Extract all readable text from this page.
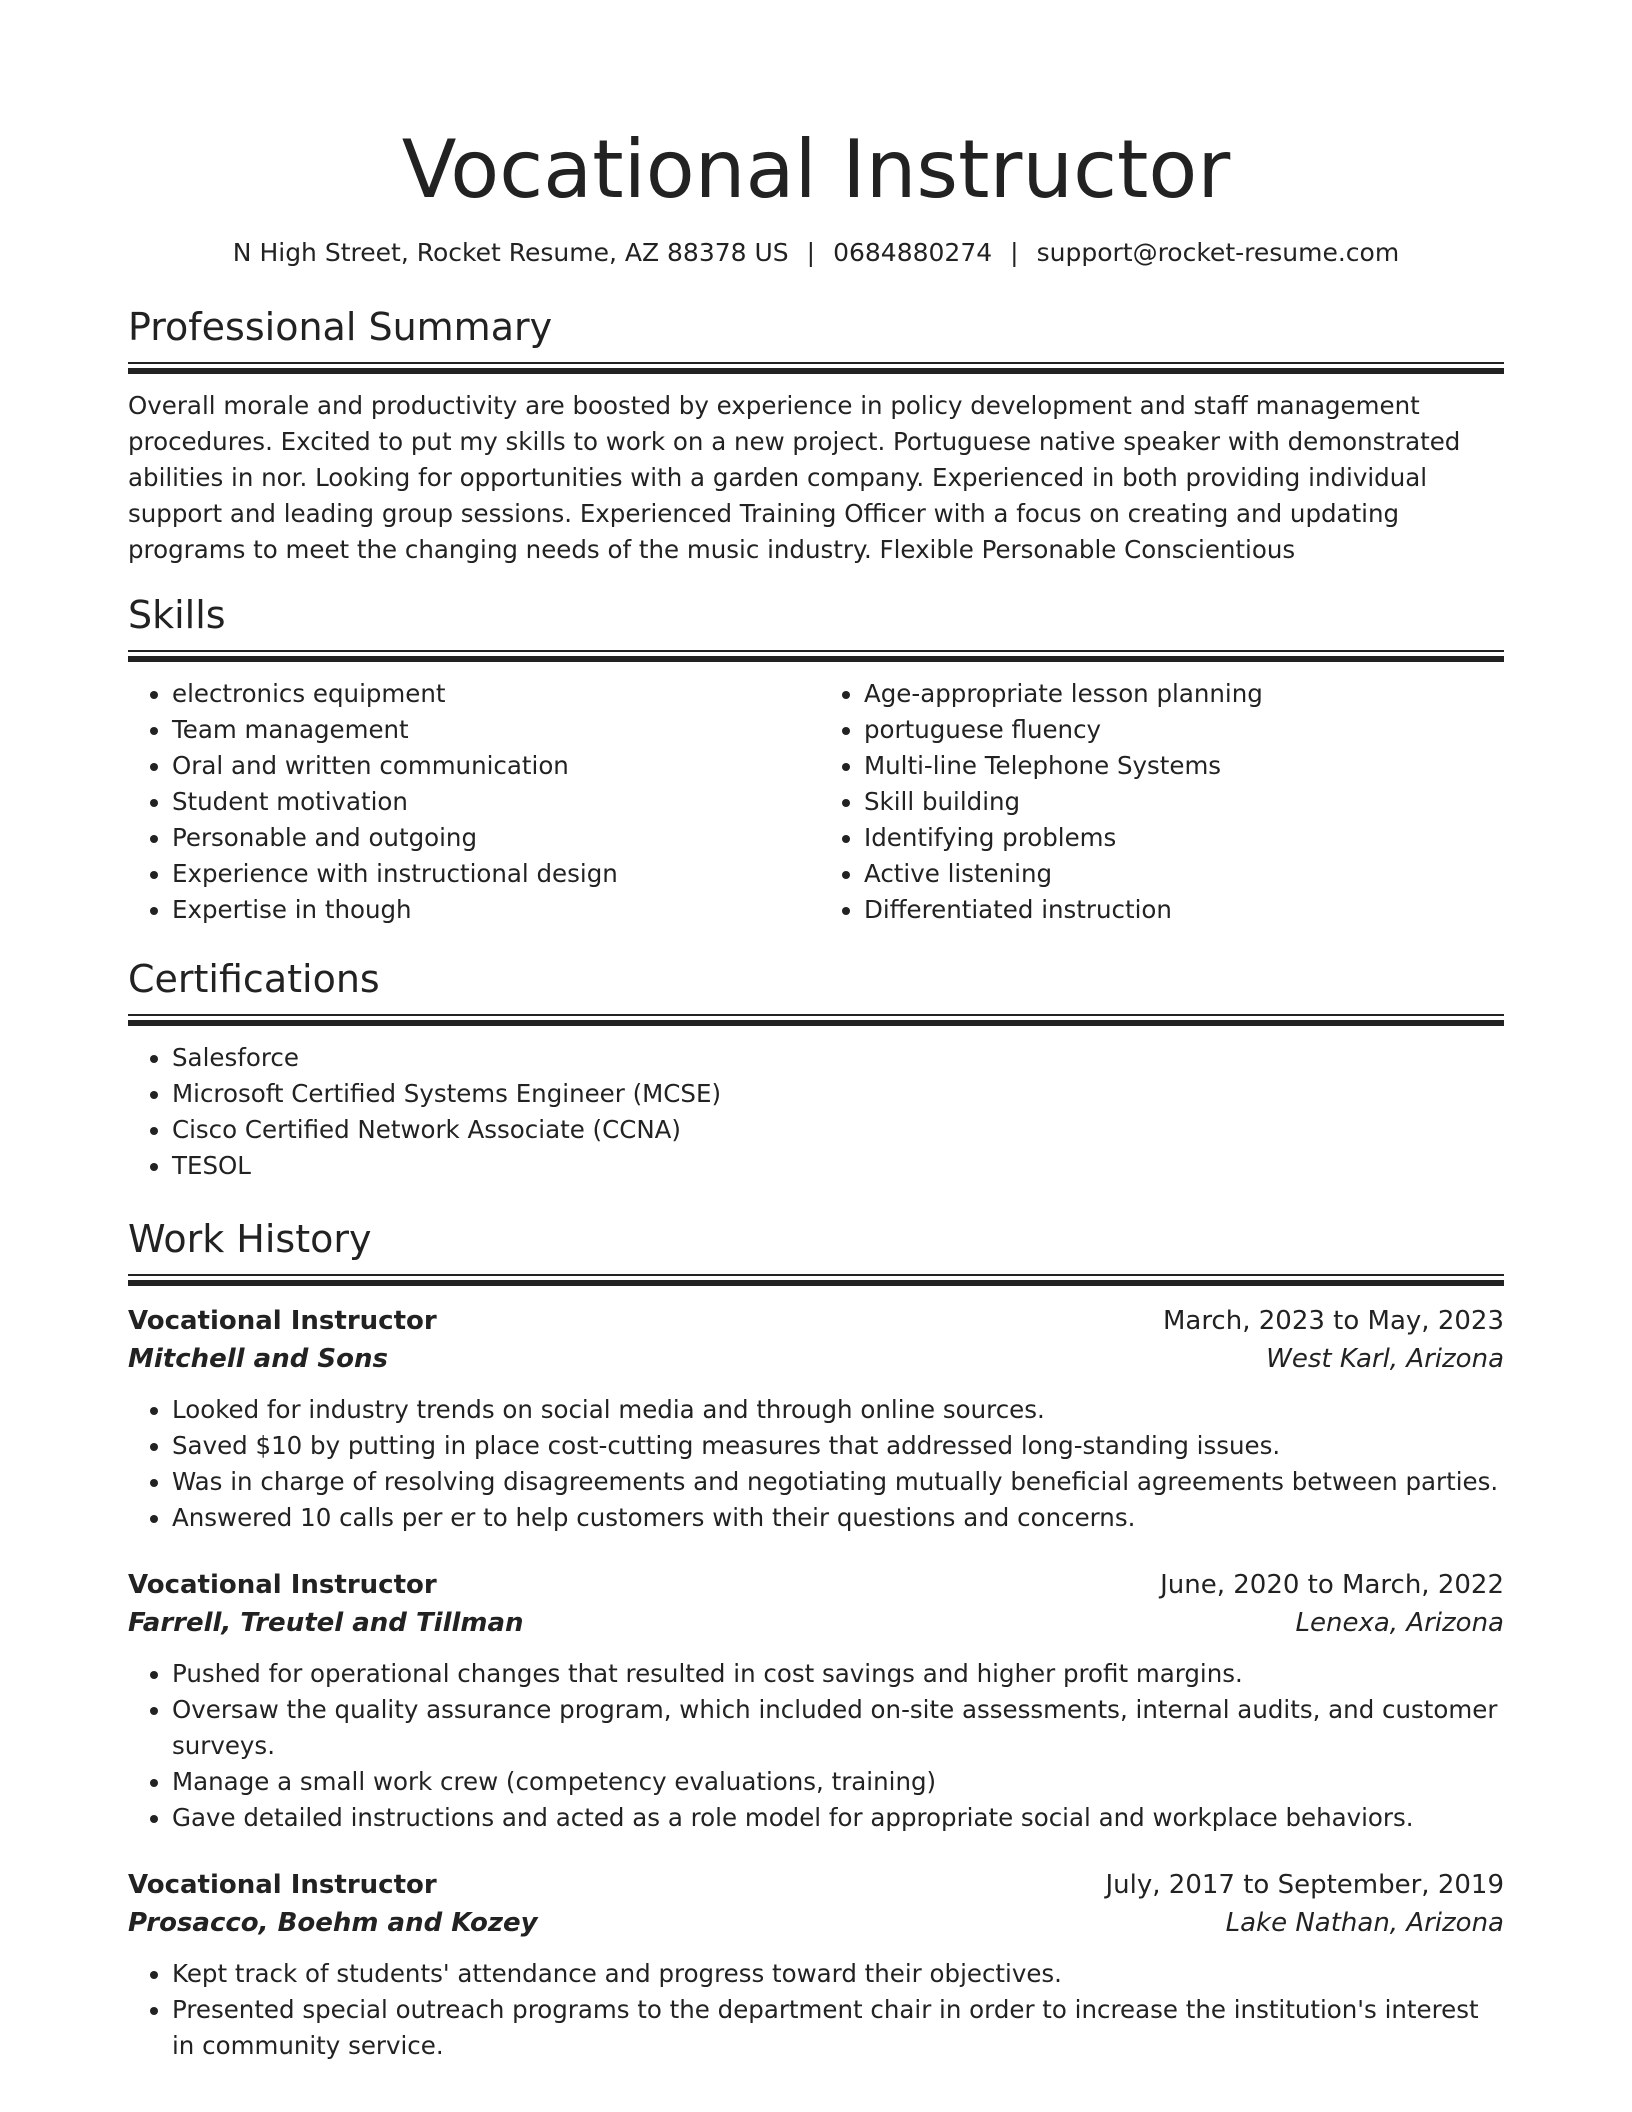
Vocational Instructor
N High Street, Rocket Resume, AZ 88378 US | 0684880274 | support@rocket-resume.com
Professional Summary

Overall morale and productivity are boosted by experience in policy development and staff management procedures. Excited to put my skills to work on a new project. Portuguese native speaker with demonstrated abilities in nor. Looking for opportunities with a garden company. Experienced in both providing individual support and leading group sessions. Experienced Training Officer with a focus on creating and updating programs to meet the changing needs of the music industry. Flexible Personable Conscientious

Skills
• electronics equipment
• Team management
• Oral and written communication
• Student motivation
• Personable and outgoing
• Experience with instructional design
• Expertise in though
• Age-appropriate lesson planning
• portuguese fluency
• Multi-line Telephone Systems
• Skill building
• Identifying problems
• Active listening
• Differentiated instruction
Certifications
• Salesforce
• Microsoft Certified Systems Engineer (MCSE)
• Cisco Certified Network Associate (CCNA)
• TESOL
Work History
Vocational Instructor	March, 2023 to May, 2023
Mitchell and Sons	West Karl, Arizona
• Looked for industry trends on social media and through online sources.
• Saved $10 by putting in place cost-cutting measures that addressed long-standing issues.
• Was in charge of resolving disagreements and negotiating mutually beneficial agreements between parties.
• Answered 10 calls per er to help customers with their questions and concerns.
Vocational Instructor	June, 2020 to March, 2022
Farrell, Treutel and Tillman	Lenexa, Arizona
• Pushed for operational changes that resulted in cost savings and higher profit margins.
• Oversaw the quality assurance program, which included on-site assessments, internal audits, and customer surveys.
• Manage a small work crew (competency evaluations, training)
• Gave detailed instructions and acted as a role model for appropriate social and workplace behaviors.
Vocational Instructor	July, 2017 to September, 2019
Prosacco, Boehm and Kozey	Lake Nathan, Arizona
• Kept track of students' attendance and progress toward their objectives.
• Presented special outreach programs to the department chair in order to increase the institution's interest in community service.
